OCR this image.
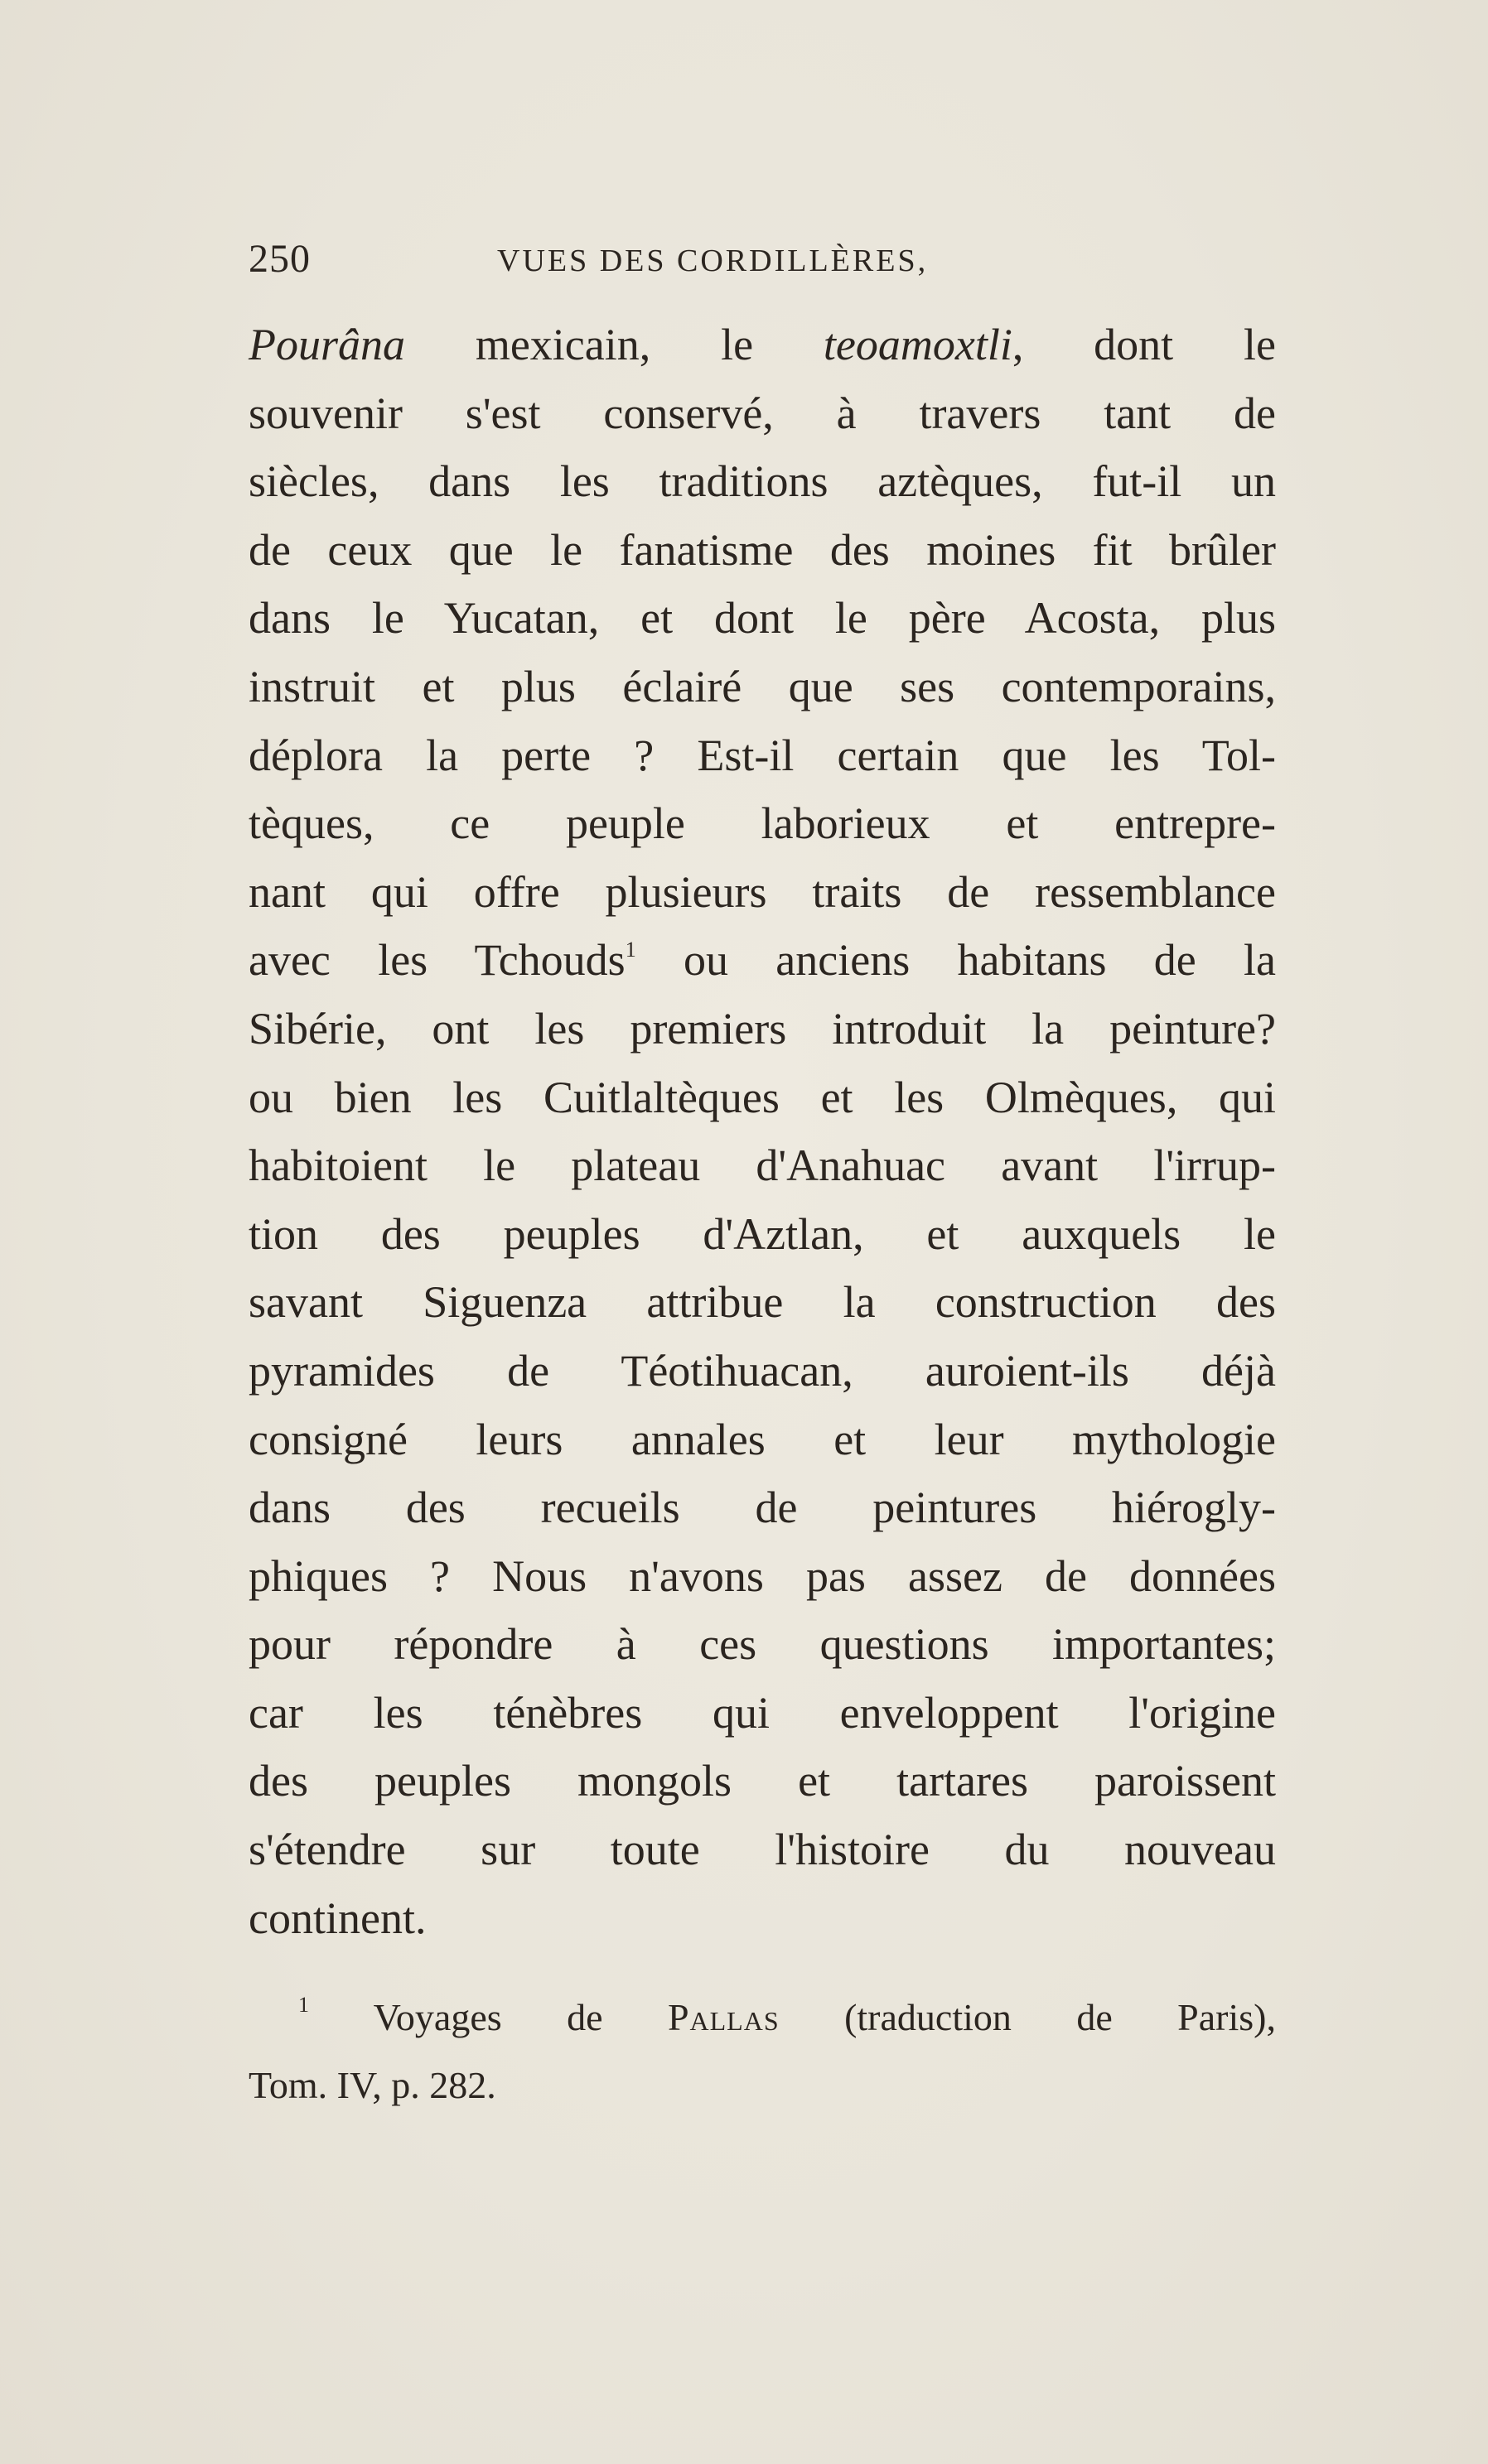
250	VUES DES CORDILLÈRES,
Pourâna mexicain, le teoamoxtli, dont le
souvenir s'est conservé, à travers tant de
siècles, dans les traditions aztèques, fut-il un
de ceux que le fanatisme des moines fit brûler
dans le Yucatan, et dont le père Acosta, plus
instruit et plus éclairé que ses contemporains,
déplora la perte ? Est-il certain que les Tol-
tèques, ce peuple laborieux et entrepre-
nant qui offre plusieurs traits de ressemblance
avec les Tchouds$^1$ ou anciens habitans de la
Sibérie, ont les premiers introduit la peinture?
ou bien les Cuitlaltèques et les Olmèques, qui
habitoient le plateau d'Anahuac avant l'irrup-
tion des peuples d'Aztlan, et auxquels le
savant Siguenza attribue la construction des
pyramides de Téotihuacan, auroient-ils déjà
consigné leurs annales et leur mythologie
dans des recueils de peintures hiérogly-
phiques ? Nous n'avons pas assez de données
pour répondre à ces questions importantes;
car les ténèbres qui enveloppent l'origine
des peuples mongols et tartares paroissent
s'étendre sur toute l'histoire du nouveau
continent.
$^1$ Voyages de Pallas (traduction de Paris),
Tom. IV, p. 282.
